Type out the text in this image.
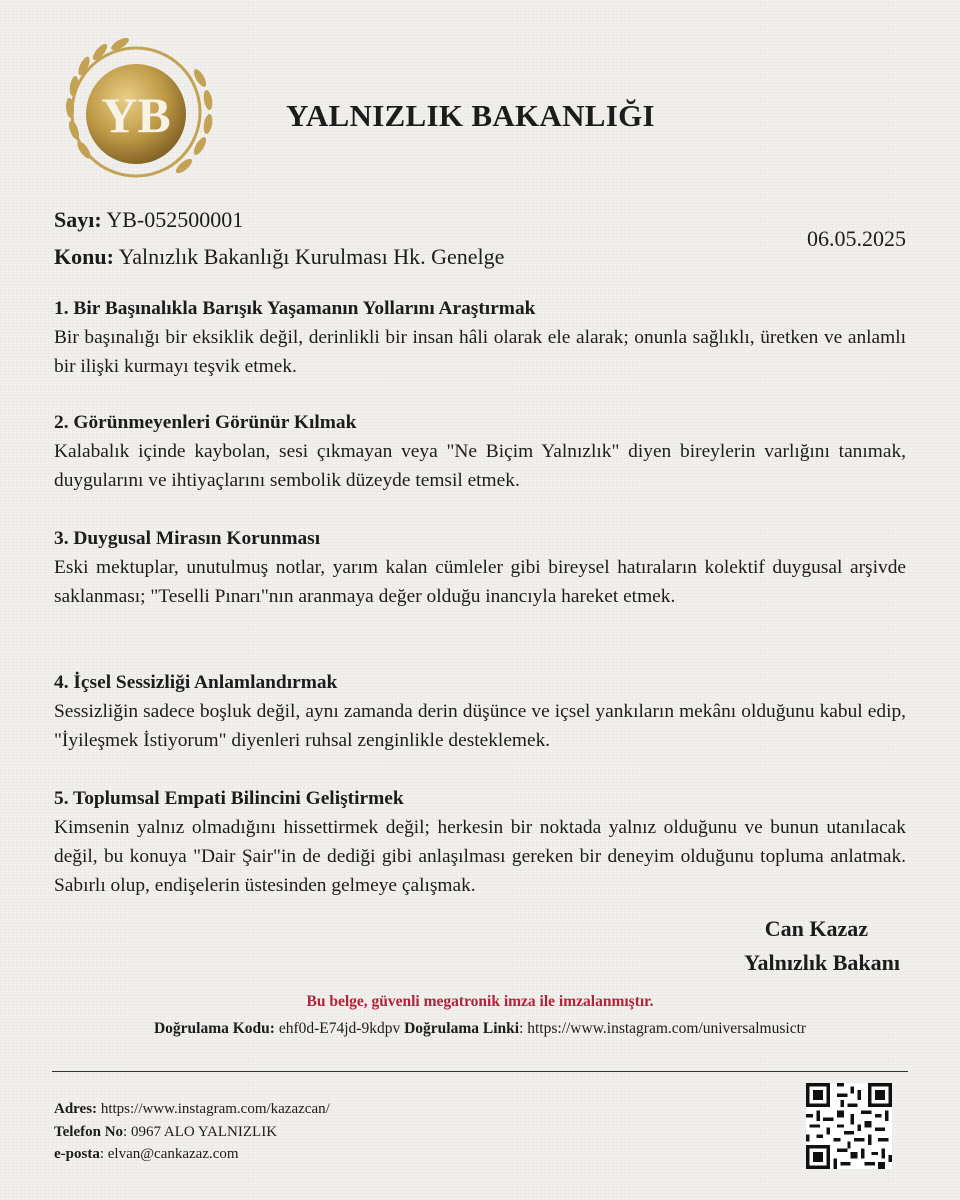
YB	YALNIZLIK BAKANLIĞI
Sayı: YB-052500001
Konu: Yalnızlık Bakanlığı Kurulması Hk. Genelge
06.05.2025
1. Bir Başınalıkla Barışık Yaşamanın Yollarını Araştırmak
Bir başınalığı bir eksiklik değil, derinlikli bir insan hâli olarak ele alarak; onunla sağlıklı, üretken ve anlamlı bir ilişki kurmayı teşvik etmek.
2. Görünmeyenleri Görünür Kılmak
Kalabalık içinde kaybolan, sesi çıkmayan veya "Ne Biçim Yalnızlık" diyen bireylerin varlığını tanımak, duygularını ve ihtiyaçlarını sembolik düzeyde temsil etmek.
3. Duygusal Mirasın Korunması
Eski mektuplar, unutulmuş notlar, yarım kalan cümleler gibi bireysel hatıraların kolektif duygusal arşivde saklanması; "Teselli Pınarı"nın aranmaya değer olduğu inancıyla hareket etmek.
4. İçsel Sessizliği Anlamlandırmak
Sessizliğin sadece boşluk değil, aynı zamanda derin düşünce ve içsel yankıların mekânı olduğunu kabul edip, "İyileşmek İstiyorum" diyenleri ruhsal zenginlikle desteklemek.
5. Toplumsal Empati Bilincini Geliştirmek
Kimsenin yalnız olmadığını hissettirmek değil; herkesin bir noktada yalnız olduğunu ve bunun utanılacak değil, bu konuya "Dair Şair"in de dediği gibi anlaşılması gereken bir deneyim olduğunu topluma anlatmak. Sabırlı olup, endişelerin üstesinden gelmeye çalışmak.
Can Kazaz
Yalnızlık Bakanı
Bu belge, güvenli megatronik imza ile imzalanmıştır.
Doğrulama Kodu: ehf0d-E74jd-9kdpv Doğrulama Linki: https://www.instagram.com/universalmusictr
Adres: https://www.instagram.com/kazazcan/
Telefon No: 0967 ALO YALNIZLIK
e-posta: elvan@cankazaz.com
